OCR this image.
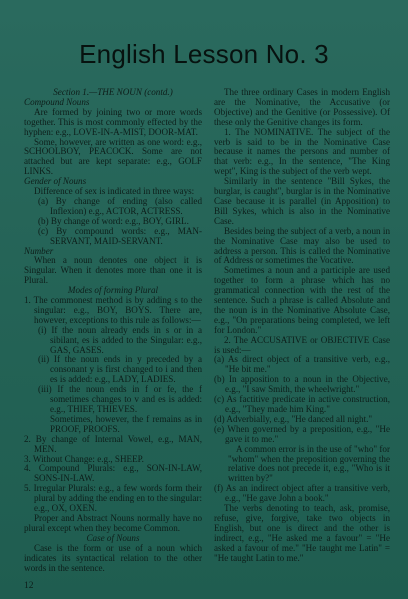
English Lesson No. 3

Section 1.—THE NOUN (contd.)

Compound Nouns

Are formed by joining two or more words together. This is most commonly effected by the hyphen: e.g., LOVE-IN-A-MIST, DOOR-MAT.

Some, however, are written as one word: e.g., SCHOOLBOY, PEACOCK. Some are not attached but are kept separate: e.g., GOLF LINKS.

Gender of Nouns

Difference of sex is indicated in three ways:

(a) By change of ending (also called Inflexion) e.g., ACTOR, ACTRESS.

(b) By change of word: e.g., BOY, GIRL.

(c) By compound words: e.g., MAN-SERVANT, MAID-SERVANT.

Number

When a noun denotes one object it is Singular. When it denotes more than one it is Plural.

Modes of forming Plural

1. The commonest method is by adding s to the singular: e.g., BOY, BOYS. There are, however, exceptions to this rule as follows:—

(i) If the noun already ends in s or in a sibilant, es is added to the Singular: e.g., GAS, GASES.

(ii) If the noun ends in y preceded by a consonant y is first changed to i and then es is added: e.g., LADY, LADIES.

(iii) If the noun ends in f or fe, the f sometimes changes to v and es is added: e.g., THIEF, THIEVES.

Sometimes, however, the f remains as in PROOF, PROOFS.

2. By change of Internal Vowel, e.g., MAN, MEN.

3. Without Change: e.g., SHEEP.

4. Compound Plurals: e.g., SON-IN-LAW, SONS-IN-LAW.

5. Irregular Plurals: e.g., a few words form their plural by adding the ending en to the singular: e.g., OX, OXEN.

Proper and Abstract Nouns normally have no plural except when they become Common.

Case of Nouns

Case is the form or use of a noun which indicates its syntactical relation to the other words in the sentence.

The three ordinary Cases in modern English are the Nominative, the Accusative (or Objective) and the Genitive (or Possessive). Of these only the Genitive changes its form.

1. The NOMINATIVE. The subject of the verb is said to be in the Nominative Case because it names the persons and number of that verb: e.g., In the sentence, "The King wept", King is the subject of the verb wept.

Similarly in the sentence "Bill Sykes, the burglar, is caught", burglar is in the Nominative Case because it is parallel (in Apposition) to Bill Sykes, which is also in the Nominative Case.

Besides being the subject of a verb, a noun in the Nominative Case may also be used to address a person. This is called the Nominative of Address or sometimes the Vocative.

Sometimes a noun and a participle are used together to form a phrase which has no grammatical connection with the rest of the sentence. Such a phrase is called Absolute and the noun is in the Nominative Absolute Case, e.g., "On preparations being completed, we left for London."

2. The ACCUSATIVE or OBJECTIVE Case is used:—

(a) As direct object of a transitive verb, e.g., "He bit me."

(b) In apposition to a noun in the Objective, e.g., "I saw Smith, the wheelwright."

(c) As factitive predicate in active construction, e.g., "They made him King."

(d) Adverbially, e.g., "He danced all night."

(e) When governed by a preposition, e.g., "He gave it to me."

A common error is in the use of "who" for "whom" when the preposition governing the relative does not precede it, e.g., "Who is it written by?"

(f) As an indirect object after a transitive verb, e.g., "He gave John a book."

The verbs denoting to teach, ask, promise, refuse, give, forgive, take two objects in English, but one is direct and the other is indirect, e.g., "He asked me a favour" = "He asked a favour of me." "He taught me Latin" = "He taught Latin to me."

12
